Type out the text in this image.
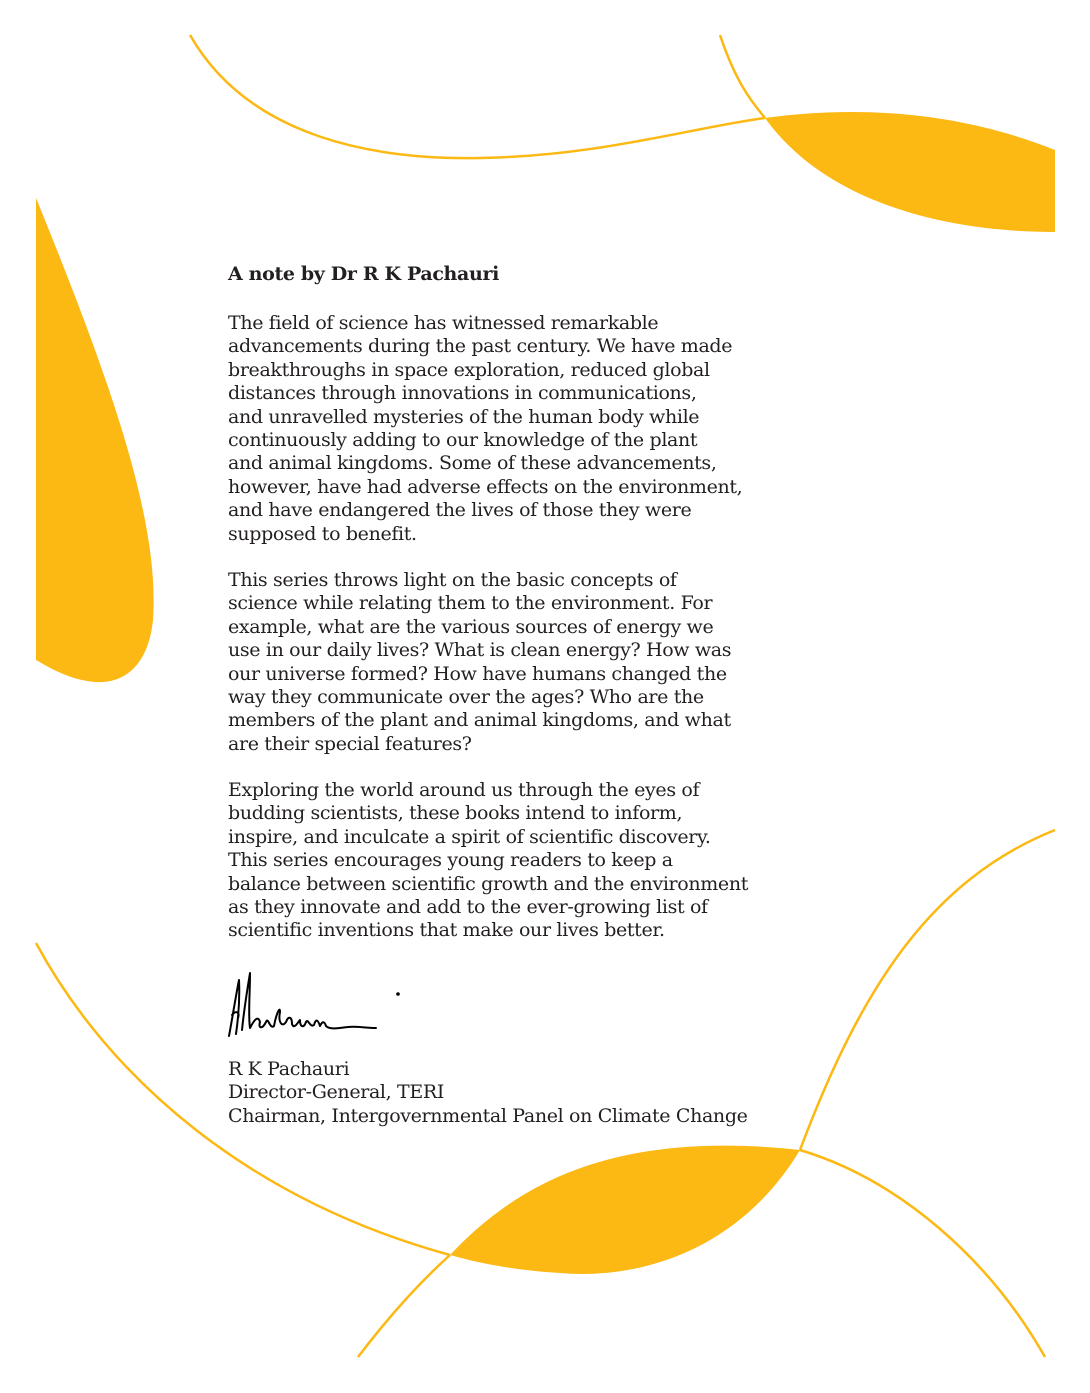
A note by Dr R K Pachauri
The field of science has witnessed remarkable
advancements during the past century. We have made
breakthroughs in space exploration, reduced global
distances through innovations in communications,
and unravelled mysteries of the human body while
continuously adding to our knowledge of the plant
and animal kingdoms. Some of these advancements,
however, have had adverse effects on the environment,
and have endangered the lives of those they were
supposed to benefit.
This series throws light on the basic concepts of
science while relating them to the environment. For
example, what are the various sources of energy we
use in our daily lives? What is clean energy? How was
our universe formed? How have humans changed the
way they communicate over the ages? Who are the
members of the plant and animal kingdoms, and what
are their special features?
Exploring the world around us through the eyes of
budding scientists, these books intend to inform,
inspire, and inculcate a spirit of scientific discovery.
This series encourages young readers to keep a
balance between scientific growth and the environment
as they innovate and add to the ever-growing list of
scientific inventions that make our lives better.
R K Pachauri
Director-General, TERI
Chairman, Intergovernmental Panel on Climate Change
